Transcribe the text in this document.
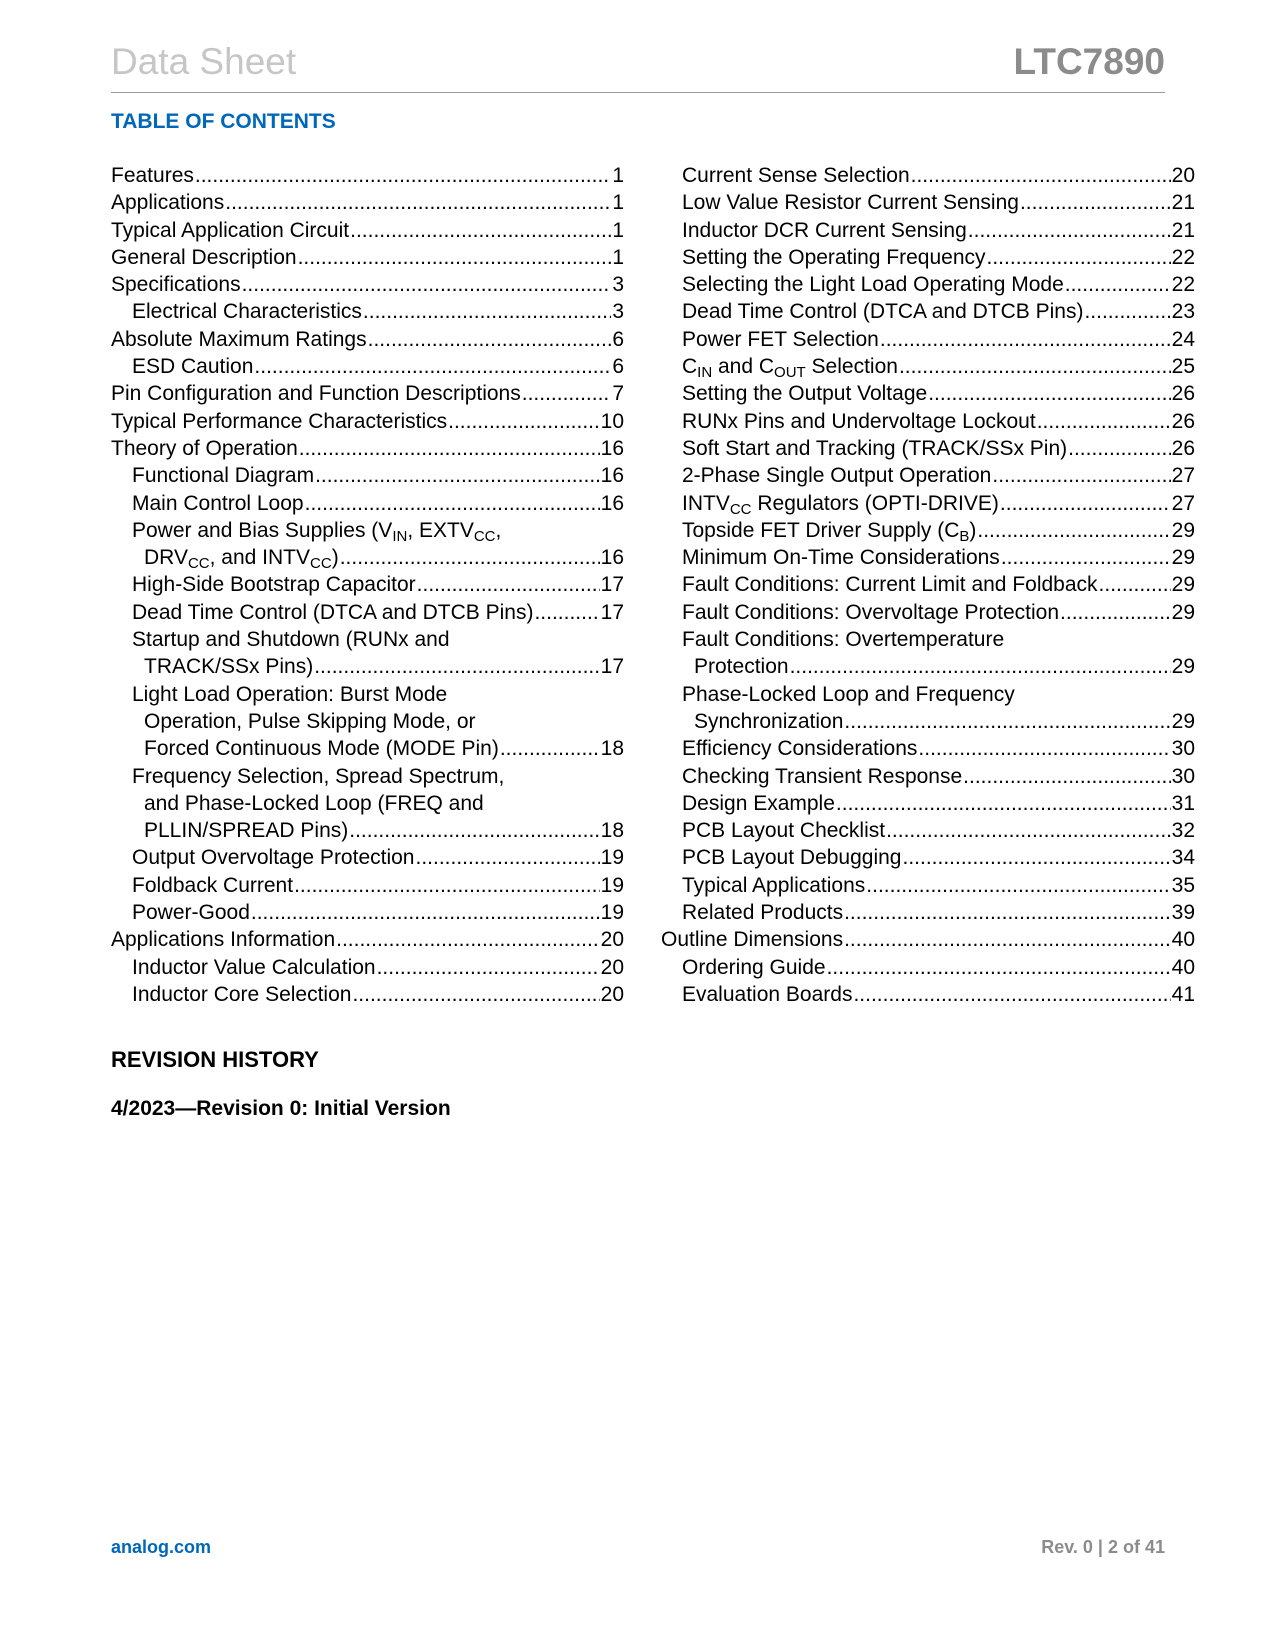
Data Sheet	LTC7890
TABLE OF CONTENTS
Features .....	1
Applications .....	1
Typical Application Circuit .....	1
General Description .....	1
Specifications .....	3
Electrical Characteristics .....	3
Absolute Maximum Ratings .....	6
ESD Caution .....	6
Pin Configuration and Function Descriptions .....	7
Typical Performance Characteristics .....	10
Theory of Operation .....	16
Functional Diagram .....	16
Main Control Loop .....	16
Power and Bias Supplies ($V_{IN}$, $EXTV_{CC}$,
$DRV_{CC}$, and $INTV_{CC}$) .....	16
High-Side Bootstrap Capacitor .....	17
Dead Time Control (DTCA and DTCB Pins) .....	17
Startup and Shutdown (RUNx and
TRACK/SSx Pins) .....	17
Light Load Operation: Burst Mode
Operation, Pulse Skipping Mode, or
Forced Continuous Mode (MODE Pin) .....	18
Frequency Selection, Spread Spectrum,
and Phase-Locked Loop (FREQ and
PLLIN/SPREAD Pins) .....	18
Output Overvoltage Protection .....	19
Foldback Current .....	19
Power-Good .....	19
Applications Information .....	20
Inductor Value Calculation .....	20
Inductor Core Selection .....	20
Current Sense Selection .....	20
Low Value Resistor Current Sensing .....	21
Inductor DCR Current Sensing .....	21
Setting the Operating Frequency .....	22
Selecting the Light Load Operating Mode .....	22
Dead Time Control (DTCA and DTCB Pins) .....	23
Power FET Selection .....	24
$C_{IN}$ and $C_{OUT}$ Selection .....	25
Setting the Output Voltage .....	26
RUNx Pins and Undervoltage Lockout .....	26
Soft Start and Tracking (TRACK/SSx Pin) .....	26
2-Phase Single Output Operation .....	27
$INTV_{CC}$ Regulators (OPTI-DRIVE) .....	27
Topside FET Driver Supply $(C_B)$ .....	29
Minimum On-Time Considerations .....	29
Fault Conditions: Current Limit and Foldback .....	29
Fault Conditions: Overvoltage Protection .....	29
Fault Conditions: Overtemperature
Protection .....	29
Phase-Locked Loop and Frequency
Synchronization .....	29
Efficiency Considerations .....	30
Checking Transient Response .....	30
Design Example .....	31
PCB Layout Checklist .....	32
PCB Layout Debugging .....	34
Typical Applications .....	35
Related Products .....	39
Outline Dimensions .....	40
Ordering Guide .....	40
Evaluation Boards .....	41
REVISION HISTORY
4/2023—Revision 0: Initial Version
analog.com	Rev. 0 | 2 of 41
